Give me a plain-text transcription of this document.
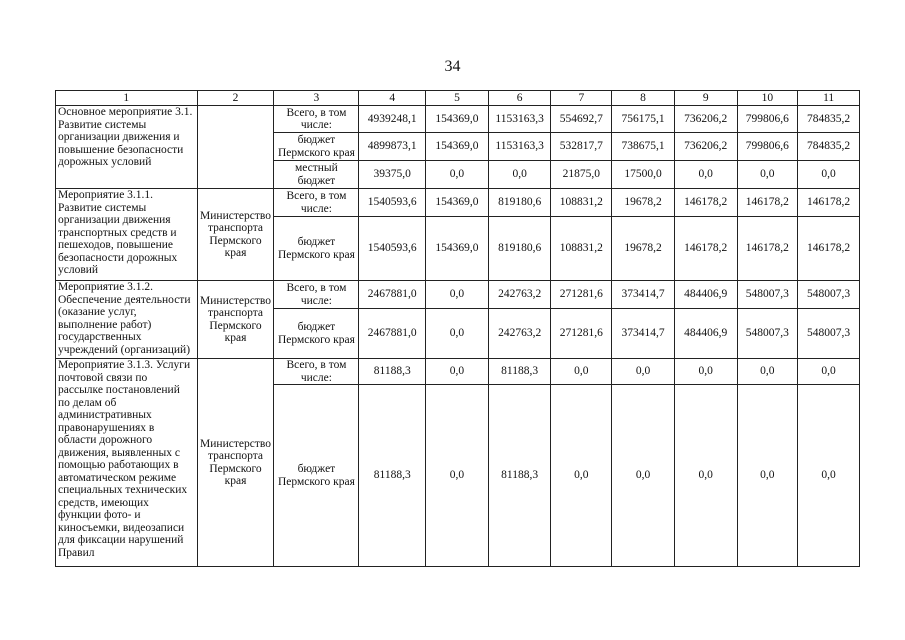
34
1	2	3	4	5	6	7	8	9	10	11
Основное мероприятие 3.1. Развитие системы организации движения и повышение безопасности дорожных условий		Всего, в том числе:	4939248,1	154369,0	1153163,3	554692,7	756175,1	736206,2	799806,6	784835,2
		бюджет Пермского края	4899873,1	154369,0	1153163,3	532817,7	738675,1	736206,2	799806,6	784835,2
		местный бюджет	39375,0	0,0	0,0	21875,0	17500,0	0,0	0,0	0,0
Мероприятие 3.1.1. Развитие системы организации движения транспортных средств и пешеходов, повышение безопасности дорожных условий	Министерство транспорта Пермского края	Всего, в том числе:	1540593,6	154369,0	819180,6	108831,2	19678,2	146178,2	146178,2	146178,2
		бюджет Пермского края	1540593,6	154369,0	819180,6	108831,2	19678,2	146178,2	146178,2	146178,2
Мероприятие 3.1.2. Обеспечение деятельности (оказание услуг, выполнение работ) государственных учреждений (организаций)	Министерство транспорта Пермского края	Всего, в том числе:	2467881,0	0,0	242763,2	271281,6	373414,7	484406,9	548007,3	548007,3
		бюджет Пермского края	2467881,0	0,0	242763,2	271281,6	373414,7	484406,9	548007,3	548007,3
Мероприятие 3.1.3. Услуги почтовой связи по рассылке постановлений по делам об административных правонарушениях в области дорожного движения, выявленных с помощью работающих в автоматическом режиме специальных технических средств, имеющих функции фото- и киносъемки, видеозаписи для фиксации нарушений Правил	Министерство транспорта Пермского края	Всего, в том числе:	81188,3	0,0	81188,3	0,0	0,0	0,0	0,0	0,0
		бюджет Пермского края	81188,3	0,0	81188,3	0,0	0,0	0,0	0,0	0,0
